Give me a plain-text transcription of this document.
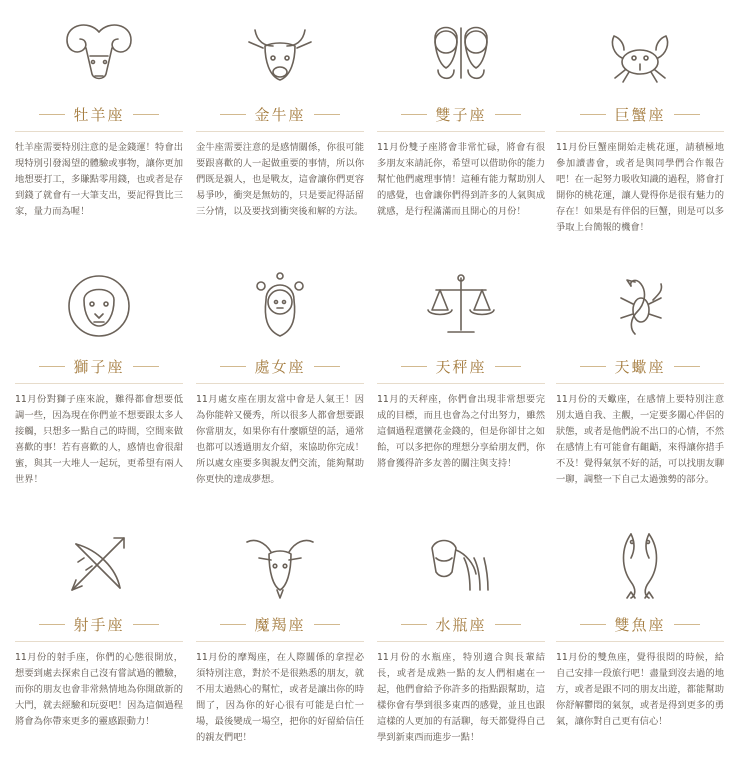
牡羊座

牡羊座需要特別注意的是金錢運！特會出現特別引發渴望的體驗或事物，讓你更加地想要打工，多賺點零用錢，也或者是存到錢了就會有一大筆支出，要記得貨比三家，量力而為喔！

金牛座

金牛座需要注意的是感情關係，你很可能要跟喜歡的人一起做重要的事情，所以你們既是親人，也是戰友，這會讓你們更容易爭吵，衝突是無妨的，只是要記得話留三分情，以及要找到衝突後和解的方法。

雙子座

11月份雙子座將會非常忙碌，將會有很多朋友來請託你，希望可以借助你的能力幫忙他們處理事情！這種有能力幫助別人的感覺，也會讓你們得到許多的人氣與成就感，是行程滿滿而且開心的月份！

巨蟹座

11月份巨蟹座開始走桃花運，請積極地參加讀書會，或者是與同學們合作報告吧！在一起努力吸收知識的過程，將會打開你的桃花運，讓人覺得你是很有魅力的存在！如果是有伴侶的巨蟹，則是可以多爭取上台簡報的機會！

獅子座

11月份對獅子座來說，難得都會想要低調一些，因為現在你們並不想要跟太多人接觸，只想多一點自己的時間，空間來做喜歡的事！若有喜歡的人，感情也會很甜蜜，與其一大堆人一起玩，更希望有兩人世界！

處女座

11月處女座在朋友當中會是人氣王！因為你能幹又優秀，所以很多人都會想要跟你當朋友，如果你有什麼願望的話，通常也都可以透過朋友介紹，來協助你完成！所以處女座要多與親友們交流，能夠幫助你更快的達成夢想。

天秤座

11月的天秤座，你們會出現非常想要完成的目標，而且也會為之付出努力，雖然這個過程還蠻花金錢的，但是你卻甘之如飴，可以多把你的理想分享給朋友們，你將會獲得許多友善的關注與支持！

天蠍座

11月份的天蠍座，在感情上要特別注意別太過自我、主觀，一定要多關心伴侶的狀態，或者是他們說不出口的心情，不然在感情上有可能會有齟齬，來得讓你措手不及！覺得氣氛不好的話，可以找朋友聊一聊，調整一下自己太過強勢的部分。

射手座

11月份的射手座，你們的心態很開放，想要到處去探索自己沒有嘗試過的體驗，而你的朋友也會非常熱情地為你開啟新的大門，就去經驗和玩耍吧！因為這個過程將會為你帶來更多的靈感跟動力！

魔羯座

11月份的摩羯座，在人際關係的拿捏必須特別注意，對於不是很熟悉的朋友，就不用太過熱心的幫忙，或者是讓出你的時間了，因為你的好心很有可能是白忙一場，最後變成一場空，把你的好留給信任的親友們吧！

水瓶座

11月份的水瓶座，特別適合與長輩結長，或者是成熟一點的友人們相處在一起，他們會給予你許多的指點跟幫助，這樣你會有學到很多東西的感覺，並且也跟這樣的人更加的有話聊，每天都覺得自己學到新東西而進步一點！

雙魚座

11月份的雙魚座，覺得很悶的時候，給自己安排一段旅行吧！盡量到沒去過的地方，或者是跟不同的朋友出遊，都能幫助你舒解鬱悶的氣氛，或者是得到更多的勇氣，讓你對自己更有信心！
